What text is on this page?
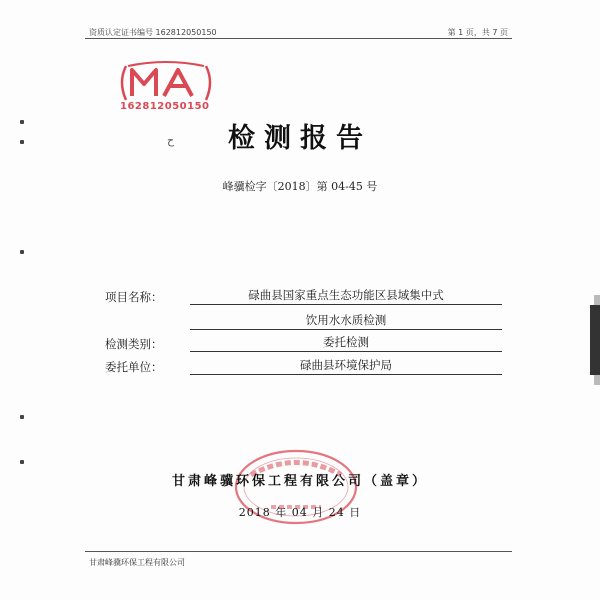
资质认定证书编号 162812050150	第 1 页，共 7 页
162812050150
ح	检测报告
峰骥检字〔2018〕第 04-45 号
项目名称：	碌曲县国家重点生态功能区县域集中式
饮用水水质检测
检测类别：	委托检测
委托单位：	碌曲县环境保护局
甘肃峰骥环保工程有限公司（盖章）
2018 年 04 月 24 日
甘肃峰骥环保工程有限公司
